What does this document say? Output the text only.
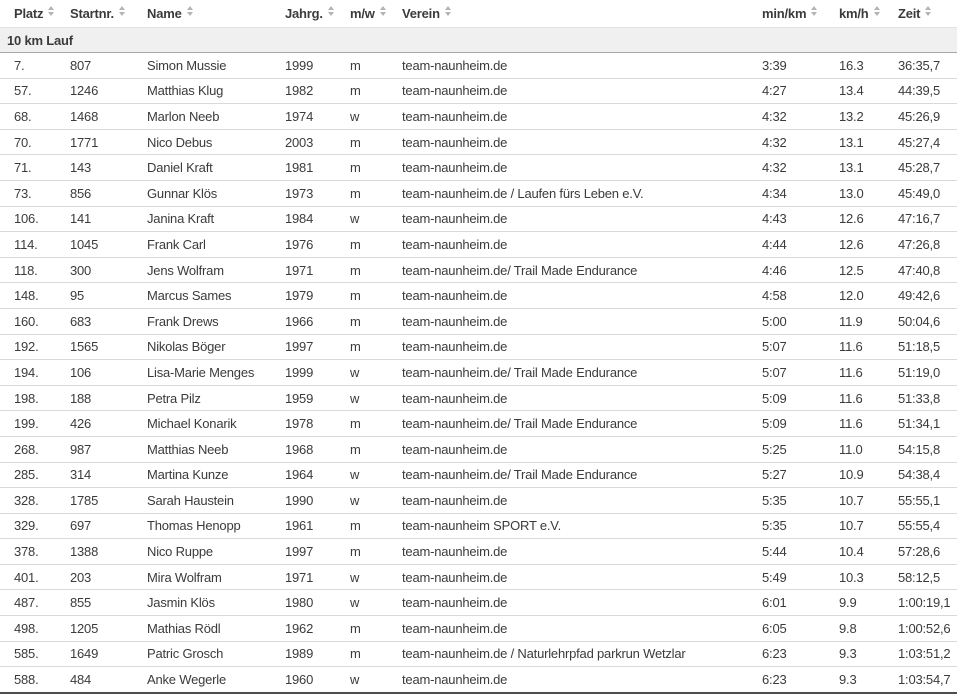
Platz	Startnr.	Name	Jahrg.	m/w	Verein	min/km	km/h	Zeit

10 km Lauf								
7.	807	Simon Mussie	1999	m	team-naunheim.de	3:39	16.3	36:35,7
57.	1246	Matthias Klug	1982	m	team-naunheim.de	4:27	13.4	44:39,5
68.	1468	Marlon Neeb	1974	w	team-naunheim.de	4:32	13.2	45:26,9
70.	1771	Nico Debus	2003	m	team-naunheim.de	4:32	13.1	45:27,4
71.	143	Daniel Kraft	1981	m	team-naunheim.de	4:32	13.1	45:28,7
73.	856	Gunnar Klös	1973	m	team-naunheim.de / Laufen fürs Leben e.V.	4:34	13.0	45:49,0
106.	141	Janina Kraft	1984	w	team-naunheim.de	4:43	12.6	47:16,7
114.	1045	Frank Carl	1976	m	team-naunheim.de	4:44	12.6	47:26,8
118.	300	Jens Wolfram	1971	m	team-naunheim.de/ Trail Made Endurance	4:46	12.5	47:40,8
148.	95	Marcus Sames	1979	m	team-naunheim.de	4:58	12.0	49:42,6
160.	683	Frank Drews	1966	m	team-naunheim.de	5:00	11.9	50:04,6
192.	1565	Nikolas Böger	1997	m	team-naunheim.de	5:07	11.6	51:18,5
194.	106	Lisa-Marie Menges	1999	w	team-naunheim.de/ Trail Made Endurance	5:07	11.6	51:19,0
198.	188	Petra Pilz	1959	w	team-naunheim.de	5:09	11.6	51:33,8
199.	426	Michael Konarik	1978	m	team-naunheim.de/ Trail Made Endurance	5:09	11.6	51:34,1
268.	987	Matthias Neeb	1968	m	team-naunheim.de	5:25	11.0	54:15,8
285.	314	Martina Kunze	1964	w	team-naunheim.de/ Trail Made Endurance	5:27	10.9	54:38,4
328.	1785	Sarah Haustein	1990	w	team-naunheim.de	5:35	10.7	55:55,1
329.	697	Thomas Henopp	1961	m	team-naunheim SPORT e.V.	5:35	10.7	55:55,4
378.	1388	Nico Ruppe	1997	m	team-naunheim.de	5:44	10.4	57:28,6
401.	203	Mira Wolfram	1971	w	team-naunheim.de	5:49	10.3	58:12,5
487.	855	Jasmin Klös	1980	w	team-naunheim.de	6:01	9.9	1:00:19,1
498.	1205	Mathias Rödl	1962	m	team-naunheim.de	6:05	9.8	1:00:52,6
585.	1649	Patric Grosch	1989	m	team-naunheim.de / Naturlehrpfad parkrun Wetzlar	6:23	9.3	1:03:51,2
588.	484	Anke Wegerle	1960	w	team-naunheim.de	6:23	9.3	1:03:54,7
